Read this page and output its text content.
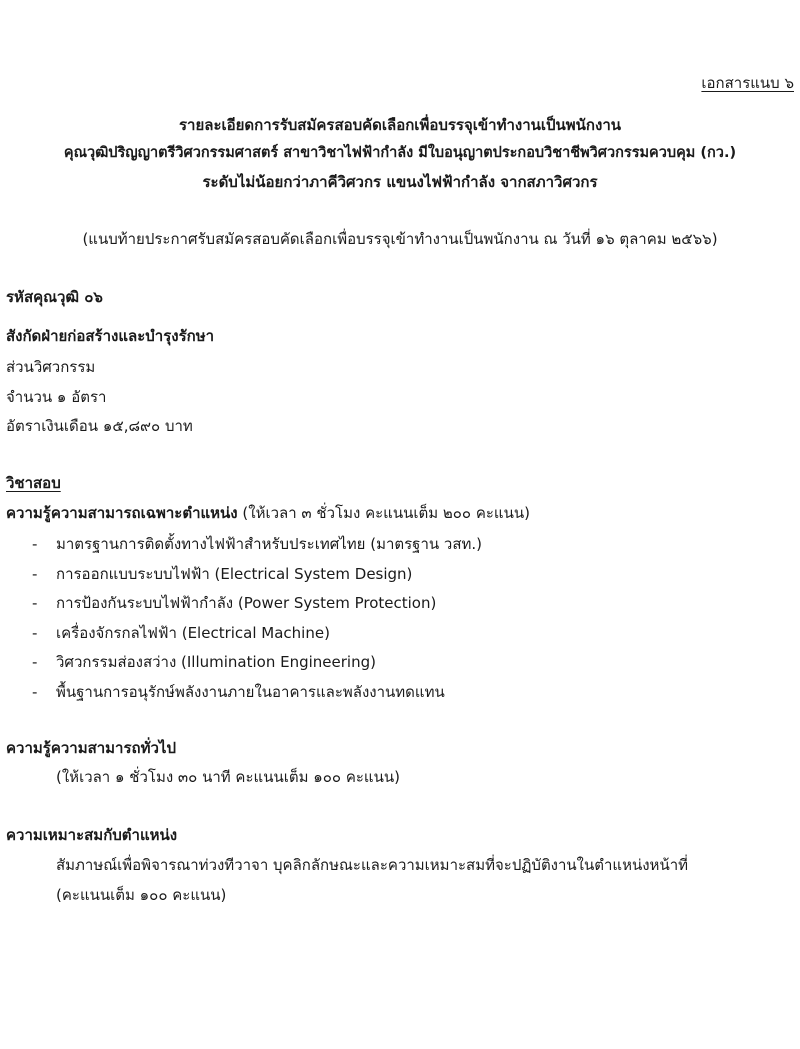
เอกสารแนบ ๖
รายละเอียดการรับสมัครสอบคัดเลือกเพื่อบรรจุเข้าทำงานเป็นพนักงาน
คุณวุฒิปริญญาตรีวิศวกรรมศาสตร์ สาขาวิชาไฟฟ้ากำลัง มีใบอนุญาตประกอบวิชาชีพวิศวกรรมควบคุม (กว.)
ระดับไม่น้อยกว่าภาคีวิศวกร แขนงไฟฟ้ากำลัง จากสภาวิศวกร
(แนบท้ายประกาศรับสมัครสอบคัดเลือกเพื่อบรรจุเข้าทำงานเป็นพนักงาน ณ วันที่ ๑๖ ตุลาคม ๒๕๖๖)
รหัสคุณวุฒิ ๐๖
สังกัดฝ่ายก่อสร้างและบำรุงรักษา
ส่วนวิศวกรรม
จำนวน ๑ อัตรา
อัตราเงินเดือน ๑๕,๘๙๐ บาท
วิชาสอบ
ความรู้ความสามารถเฉพาะตำแหน่ง (ให้เวลา ๓ ชั่วโมง คะแนนเต็ม ๒๐๐ คะแนน)
-	มาตรฐานการติดตั้งทางไฟฟ้าสำหรับประเทศไทย (มาตรฐาน วสท.)
-	การออกแบบระบบไฟฟ้า (Electrical System Design)
-	การป้องกันระบบไฟฟ้ากำลัง (Power System Protection)
-	เครื่องจักรกลไฟฟ้า (Electrical Machine)
-	วิศวกรรมส่องสว่าง (Illumination Engineering)
-	พื้นฐานการอนุรักษ์พลังงานภายในอาคารและพลังงานทดแทน
ความรู้ความสามารถทั่วไป
(ให้เวลา ๑ ชั่วโมง ๓๐ นาที คะแนนเต็ม ๑๐๐ คะแนน)
ความเหมาะสมกับตำแหน่ง
สัมภาษณ์เพื่อพิจารณาท่วงทีวาจา บุคลิกลักษณะและความเหมาะสมที่จะปฏิบัติงานในตำแหน่งหน้าที่
(คะแนนเต็ม ๑๐๐ คะแนน)
